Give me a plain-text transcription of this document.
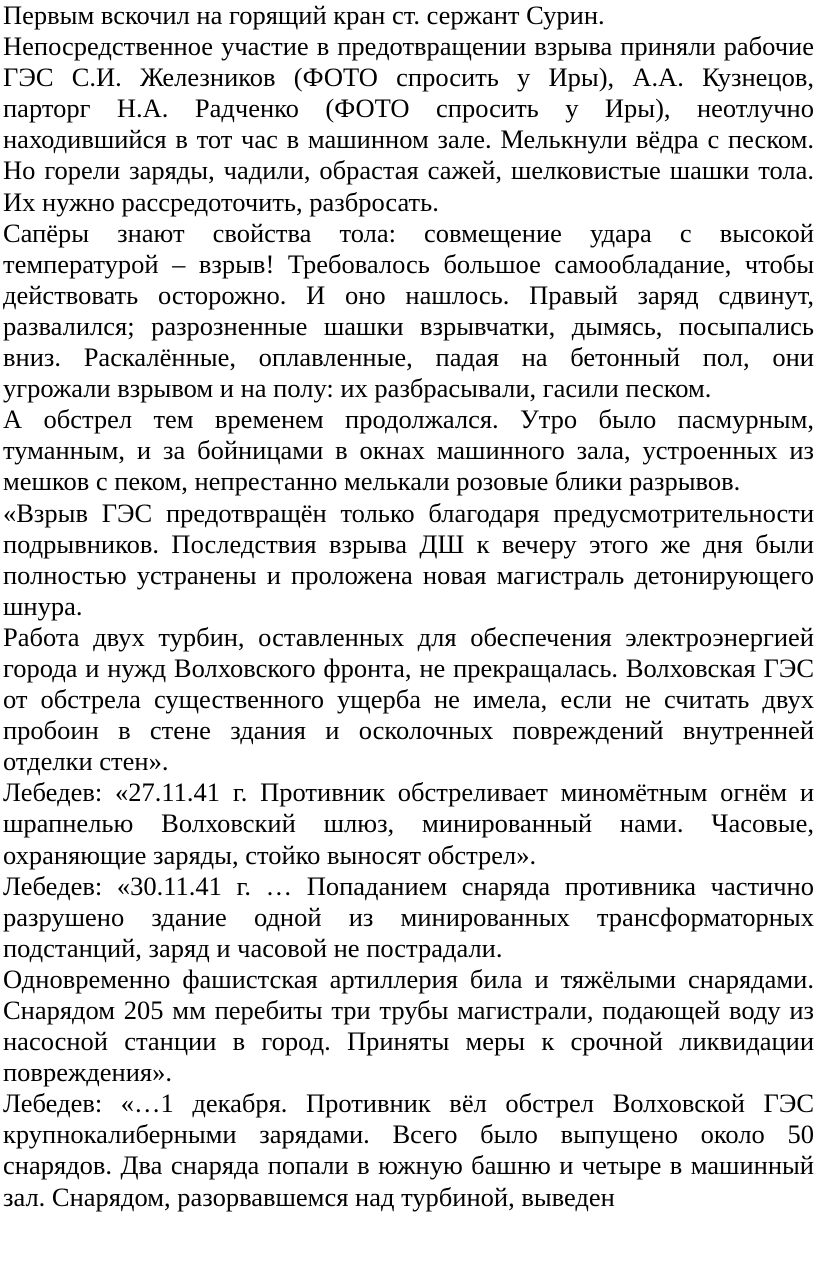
Первым вскочил на горящий кран ст. сержант Сурин.

Непосредственное участие в предотвращении взрыва приняли рабочие ГЭС С.И. Железников (ФОТО спросить у Иры), А.А. Кузнецов, парторг Н.А. Радченко (ФОТО спросить у Иры), неотлучно находившийся в тот час в машинном зале. Мелькнули вёдра с песком. Но горели заряды, чадили, обрастая сажей, шелковистые шашки тола. Их нужно рассредоточить, разбросать.

Сапёры знают свойства тола: совмещение удара с высокой температурой – взрыв! Требовалось большое самообладание, чтобы действовать осторожно. И оно нашлось. Правый заряд сдвинут, развалился; разрозненные шашки взрывчатки, дымясь, посыпались вниз. Раскалённые, оплавленные, падая на бетонный пол, они угрожали взрывом и на полу: их разбрасывали, гасили песком.

А обстрел тем временем продолжался. Утро было пасмурным, туманным, и за бойницами в окнах машинного зала, устроенных из мешков с пеком, непрестанно мелькали розовые блики разрывов.

«Взрыв ГЭС предотвращён только благодаря предусмотрительности подрывников. Последствия взрыва ДШ к вечеру этого же дня были полностью устранены и проложена новая магистраль детонирующего шнура.

Работа двух турбин, оставленных для обеспечения электроэнергией города и нужд Волховского фронта, не прекращалась. Волховская ГЭС от обстрела существенного ущерба не имела, если не считать двух пробоин в стене здания и осколочных повреждений внутренней отделки стен».

Лебедев: «27.11.41 г. Противник обстреливает миномётным огнём и шрапнелью Волховский шлюз, минированный нами. Часовые, охраняющие заряды, стойко выносят обстрел».

Лебедев: «30.11.41 г. … Попаданием снаряда противника частично разрушено здание одной из минированных трансформаторных подстанций, заряд и часовой не пострадали.

Одновременно фашистская артиллерия била и тяжёлыми снарядами. Снарядом 205 мм перебиты три трубы магистрали, подающей воду из насосной станции в город. Приняты меры к срочной ликвидации повреждения».

Лебедев: «…1 декабря. Противник вёл обстрел Волховской ГЭС крупнокалиберными зарядами. Всего было выпущено около 50 снарядов. Два снаряда попали в южную башню и четыре в машинный зал. Снарядом, разорвавшемся над турбиной, выведен
